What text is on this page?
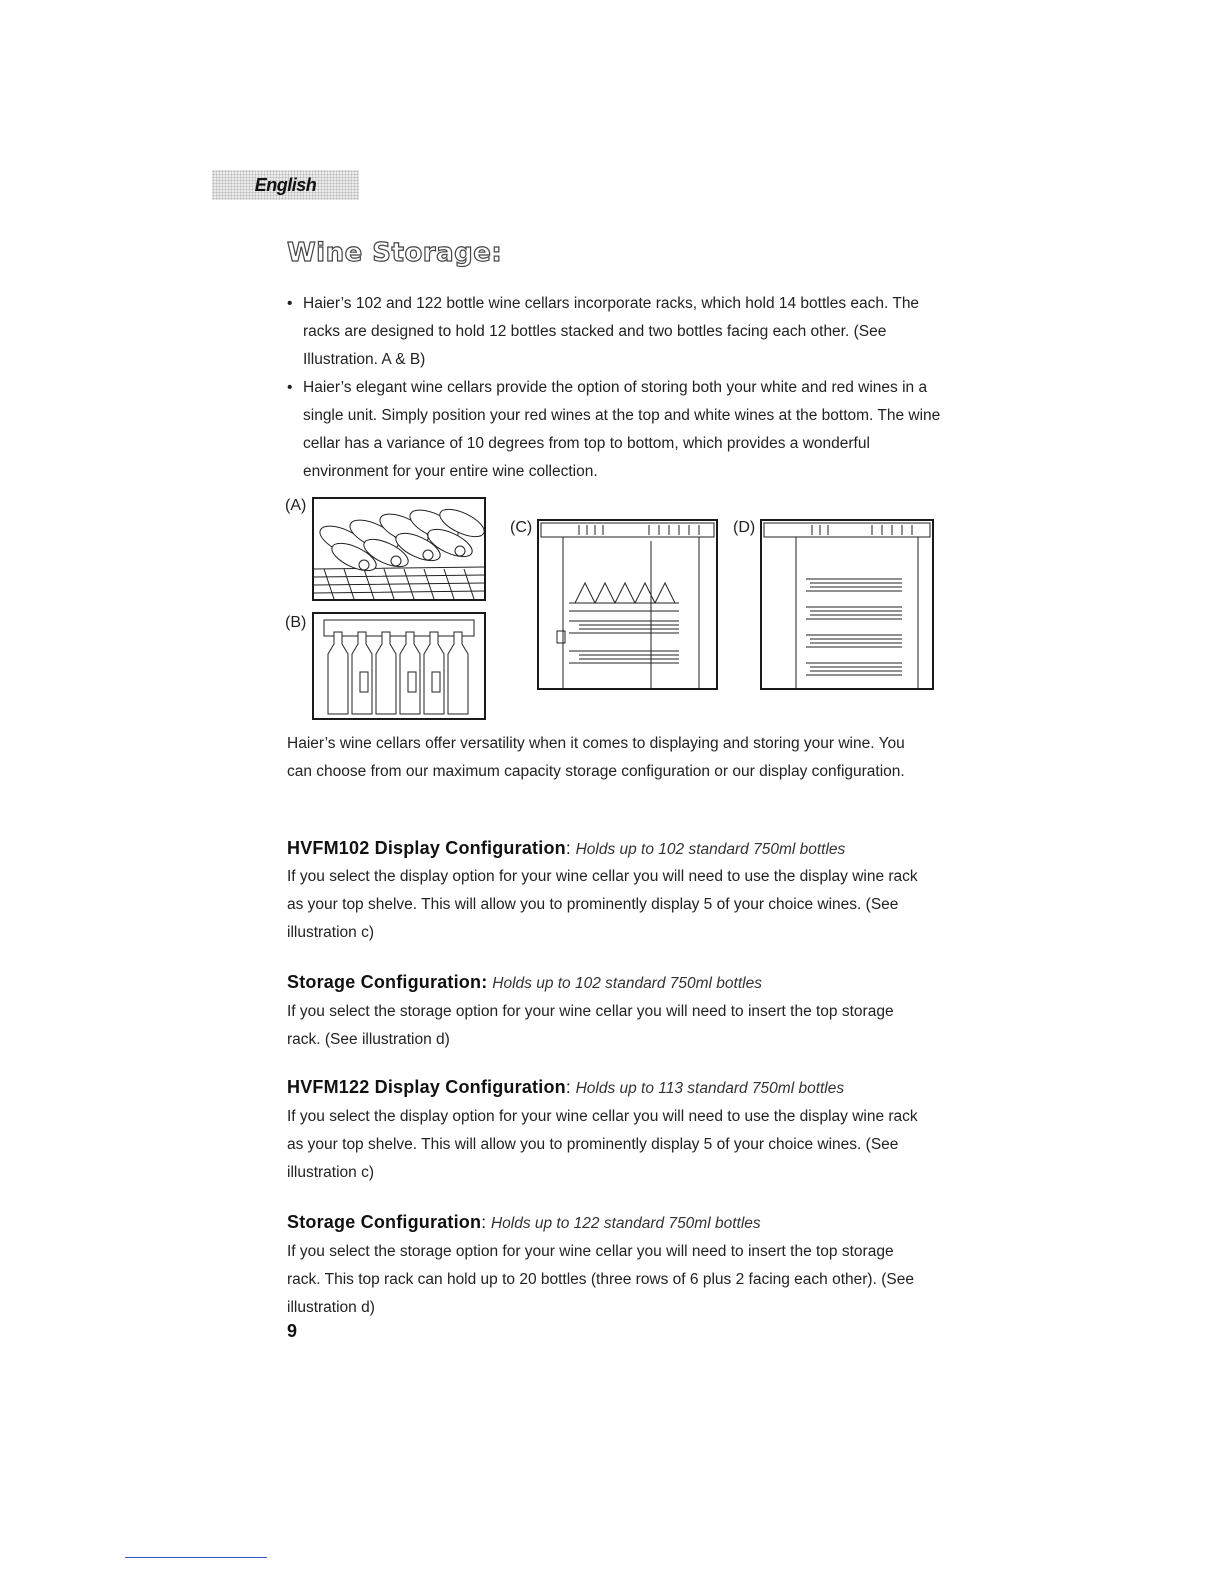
English
Wine Storage:
• Haier’s 102 and 122 bottle wine cellars incorporate racks, which hold 14 bottles each. The racks are designed to hold 12 bottles stacked and two bottles facing each other. (See Illustration. A & B)
• Haier’s elegant wine cellars provide the option of storing both your white and red wines in a single unit. Simply position your red wines at the top and white wines at the bottom. The wine cellar has a variance of 10 degrees from top to bottom, which provides a wonderful environment for your entire wine collection.
(A)
(B)
(C)	(D)

Haier’s wine cellars offer versatility when it comes to displaying and storing your wine. You can choose from our maximum capacity storage configuration or our display configuration.

HVFM102 Display Configuration: Holds up to 102 standard 750ml bottles

If you select the display option for your wine cellar you will need to use the display wine rack as your top shelve. This will allow you to prominently display 5 of your choice wines. (See illustration c)

Storage Configuration: Holds up to 102 standard 750ml bottles

If you select the storage option for your wine cellar you will need to insert the top storage rack. (See illustration d)

HVFM122 Display Configuration: Holds up to 113 standard 750ml bottles

If you select the display option for your wine cellar you will need to use the display wine rack as your top shelve. This will allow you to prominently display 5 of your choice wines. (See illustration c)

Storage Configuration: Holds up to 122 standard 750ml bottles

If you select the storage option for your wine cellar you will need to insert the top storage rack. This top rack can hold up to 20 bottles (three rows of 6 plus 2 facing each other). (See illustration d)

9
